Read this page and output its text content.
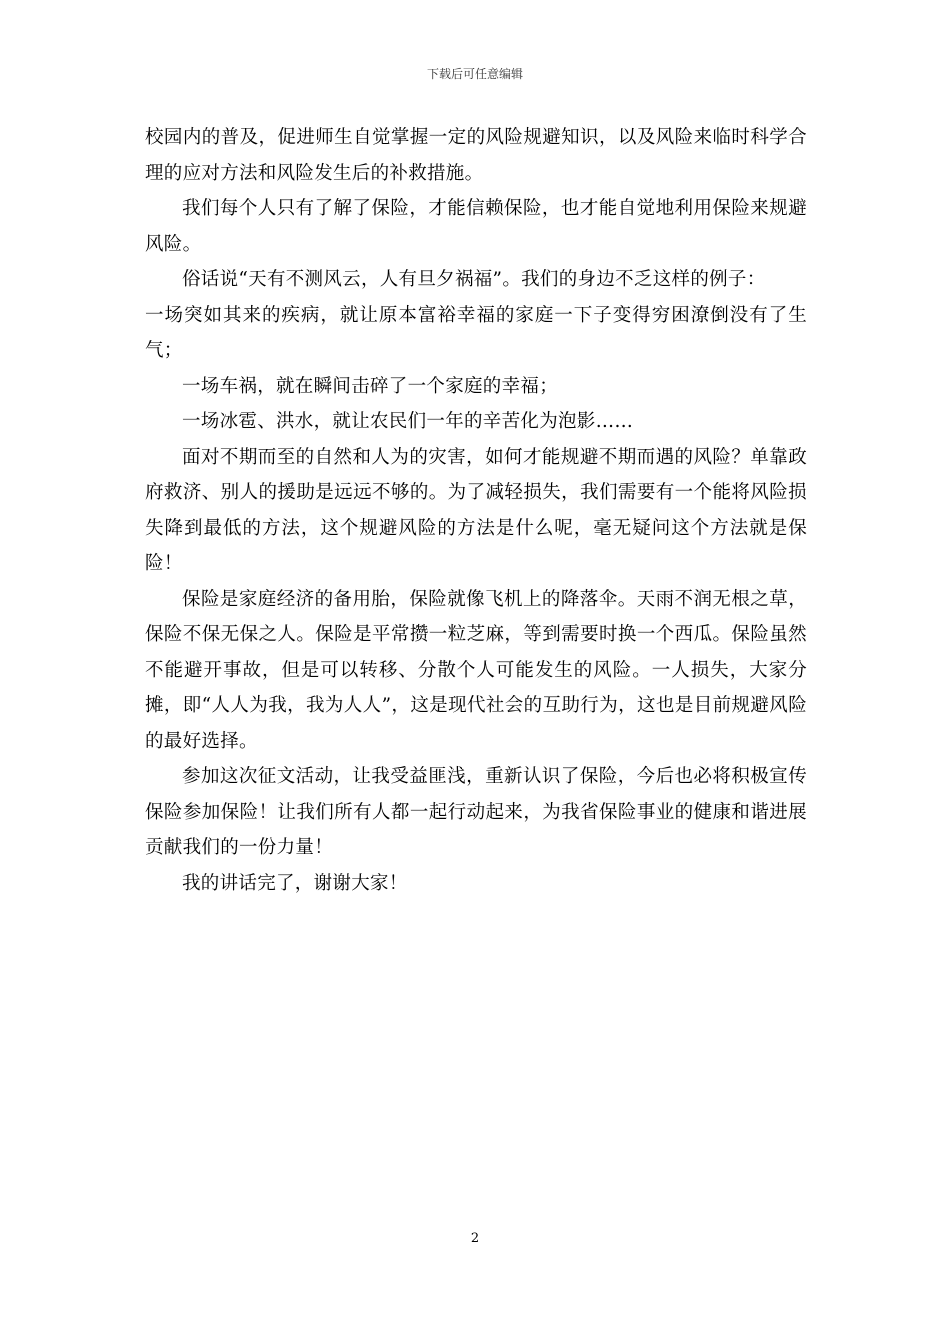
下载后可任意编辑

校园内的普及，促进师生自觉掌握一定的风险规避知识，以及风险来临时科学合理的应对方法和风险发生后的补救措施。

我们每个人只有了解了保险，才能信赖保险，也才能自觉地利用保险来规避风险。

俗话说“天有不测风云，人有旦夕祸福”。我们的身边不乏这样的例子：

一场突如其来的疾病，就让原本富裕幸福的家庭一下子变得穷困潦倒没有了生气；

一场车祸，就在瞬间击碎了一个家庭的幸福；

一场冰雹、洪水，就让农民们一年的辛苦化为泡影……

面对不期而至的自然和人为的灾害，如何才能规避不期而遇的风险？单靠政府救济、别人的援助是远远不够的。为了减轻损失，我们需要有一个能将风险损失降到最低的方法，这个规避风险的方法是什么呢，毫无疑问这个方法就是保险！

保险是家庭经济的备用胎，保险就像飞机上的降落伞。天雨不润无根之草，保险不保无保之人。保险是平常攒一粒芝麻，等到需要时换一个西瓜。保险虽然不能避开事故，但是可以转移、分散个人可能发生的风险。一人损失，大家分摊，即“人人为我，我为人人”，这是现代社会的互助行为，这也是目前规避风险的最好选择。

参加这次征文活动，让我受益匪浅，重新认识了保险，今后也必将积极宣传保险参加保险！让我们所有人都一起行动起来，为我省保险事业的健康和谐进展贡献我们的一份力量！

我的讲话完了，谢谢大家！

2
